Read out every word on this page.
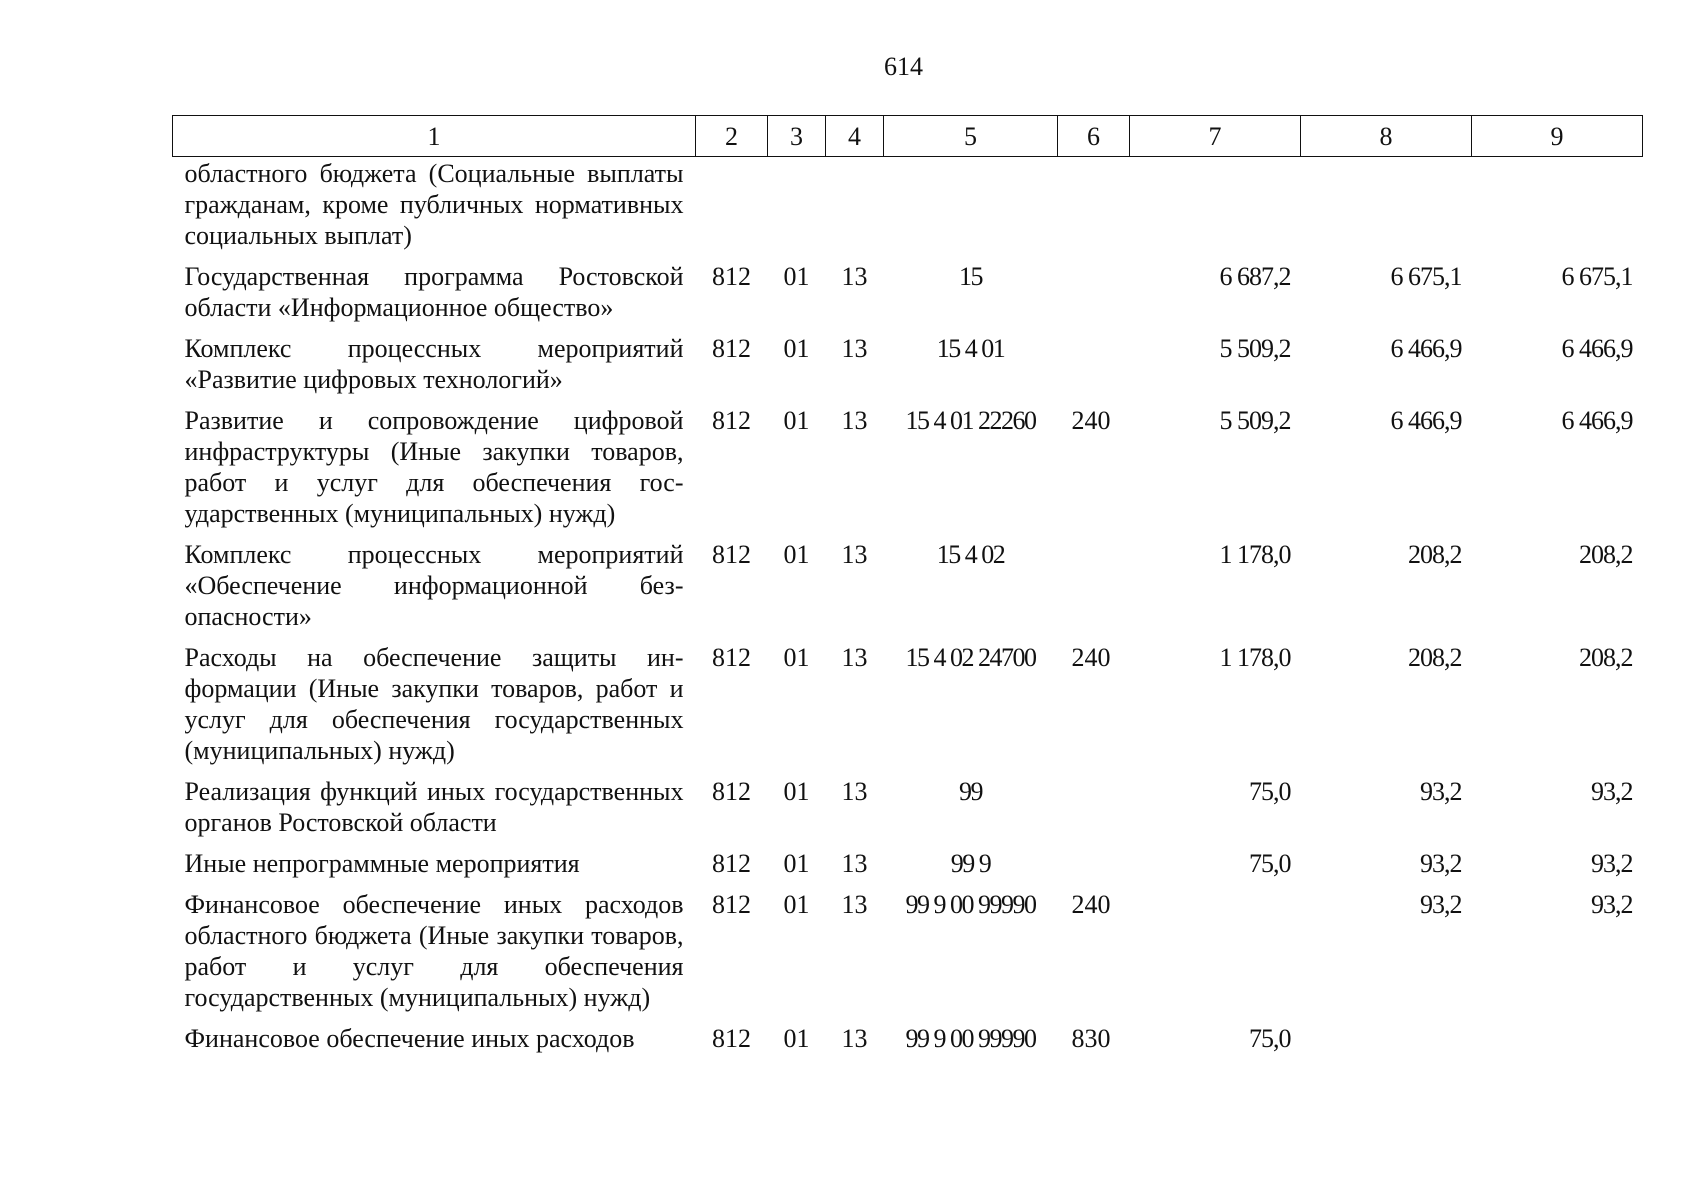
614
1	2	3	4	5	6	7	8	9
областного бюджета (Социальные выплаты гражданам, кроме публичных нормативных социальных выплат)								
Государственная программа Ростовской области «Информационное общество»	812	01	13	15		6 687,2	6 675,1	6 675,1
Комплекс процессных мероприятий «Развитие цифровых технологий»	812	01	13	15 4 01		5 509,2	6 466,9	6 466,9
Развитие и сопровождение цифровой инфраструктуры (Иные закупки товаров, работ и услуг для обеспечения государственных (муниципальных) нужд)	812	01	13	15 4 01 22260	240	5 509,2	6 466,9	6 466,9
Комплекс процессных мероприятий «Обеспечение информационной безопасности»	812	01	13	15 4 02		1 178,0	208,2	208,2
Расходы на обеспечение защиты информации (Иные закупки товаров, работ и услуг для обеспечения государственных (муниципальных) нужд)	812	01	13	15 4 02 24700	240	1 178,0	208,2	208,2
Реализация функций иных государственных органов Ростовской области	812	01	13	99		75,0	93,2	93,2
Иные непрограммные мероприятия	812	01	13	99 9		75,0	93,2	93,2
Финансовое обеспечение иных расходов областного бюджета (Иные закупки товаров, работ и услуг для обеспечения государственных (муниципальных) нужд)	812	01	13	99 9 00 99990	240		93,2	93,2
Финансовое обеспечение иных расходов	812	01	13	99 9 00 99990	830	75,0		
